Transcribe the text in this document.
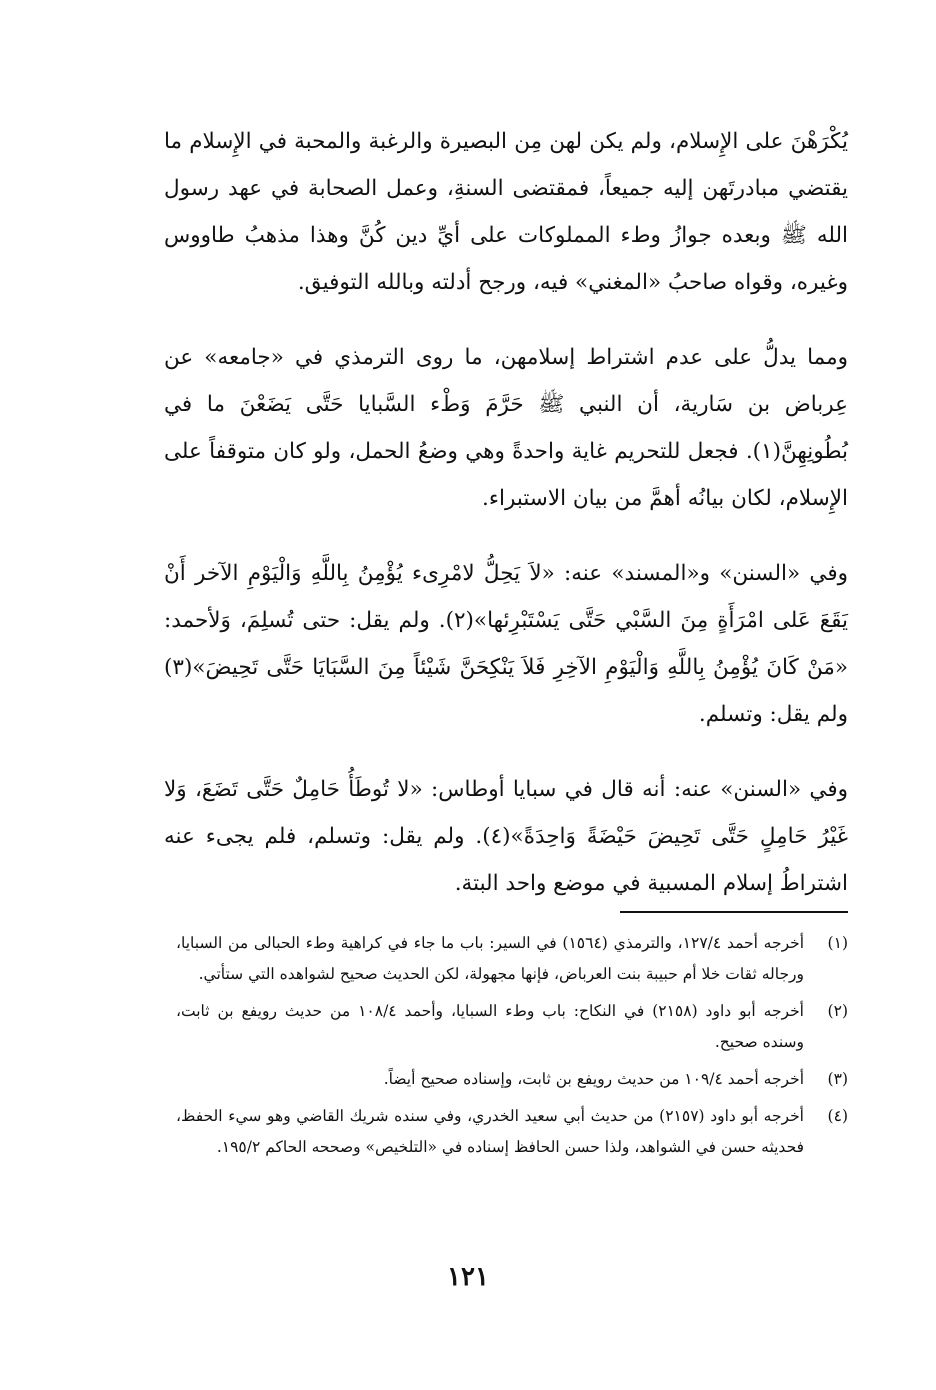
يُكْرَهْنَ على الإِسلام، ولم يكن لهن مِن البصيرة والرغبة والمحبة في الإِسلام ما يقتضي مبادرتَهن إليه جميعاً، فمقتضى السنةِ، وعمل الصحابة في عهد رسول الله ﷺ وبعده جوازُ وطء المملوكات على أيِّ دين كُنَّ وهذا مذهبُ طاووس وغيره، وقواه صاحبُ «المغني» فيه، ورجح أدلته وبالله التوفيق.

ومما يدلُّ على عدم اشتراط إسلامهن، ما روى الترمذي في «جامعه» عن عِرباض بن سَارية، أن النبي ﷺ حَرَّمَ وَطْء السَّبايا حَتَّى يَضَعْنَ ما في بُطُونِهِنَّ(١). فجعل للتحريم غاية واحدةً وهي وضعُ الحمل، ولو كان متوقفاً على الإِسلام، لكان بيانُه أهمَّ من بيان الاستبراء.

وفي «السنن» و«المسند» عنه: «لاَ يَحِلُّ لامْرِىء يُؤْمِنُ بِاللَّهِ وَالْيَوْمِ الآخر أَنْ يَقَعَ عَلى امْرَأَةٍ مِنَ السَّبْي حَتَّى يَسْتَبْرِئها»(٢). ولم يقل: حتى تُسلِمَ، وَلأحمد: «مَنْ كَانَ يُؤْمِنُ بِاللَّهِ وَالْيَوْمِ الآخِرِ فَلاَ يَنْكِحَنَّ شَيْئاً مِنَ السَّبَايَا حَتَّى تَحِيضَ»(٣) ولم يقل: وتسلم.

وفي «السنن» عنه: أنه قال في سبايا أوطاس: «لا تُوطَأُ حَامِلٌ حَتَّى تَضَعَ، وَلا غَيْرُ حَامِلٍ حَتَّى تَحِيضَ حَيْضَةً وَاحِدَةً»(٤). ولم يقل: وتسلم، فلم يجىء عنه اشتراطُ إسلام المسبية في موضع واحد البتة.

(١)
أخرجه أحمد ١٢٧/٤، والترمذي (١٥٦٤) في السير: باب ما جاء في كراهية وطء الحبالى من السبايا، ورجاله ثقات خلا أم حبيبة بنت العرباض، فإنها مجهولة، لكن الحديث صحيح لشواهده التي ستأتي.
(٢)
أخرجه أبو داود (٢١٥٨) في النكاح: باب وطء السبايا، وأحمد ١٠٨/٤ من حديث رويفع بن ثابت، وسنده صحيح.
(٣)
أخرجه أحمد ١٠٩/٤ من حديث رويفع بن ثابت، وإسناده صحيح أيضاً.
(٤)
أخرجه أبو داود (٢١٥٧) من حديث أبي سعيد الخدري، وفي سنده شريك القاضي وهو سيء الحفظ، فحديثه حسن في الشواهد، ولذا حسن الحافظ إسناده في «التلخيص» وصححه الحاكم ١٩٥/٢.
١٢١
